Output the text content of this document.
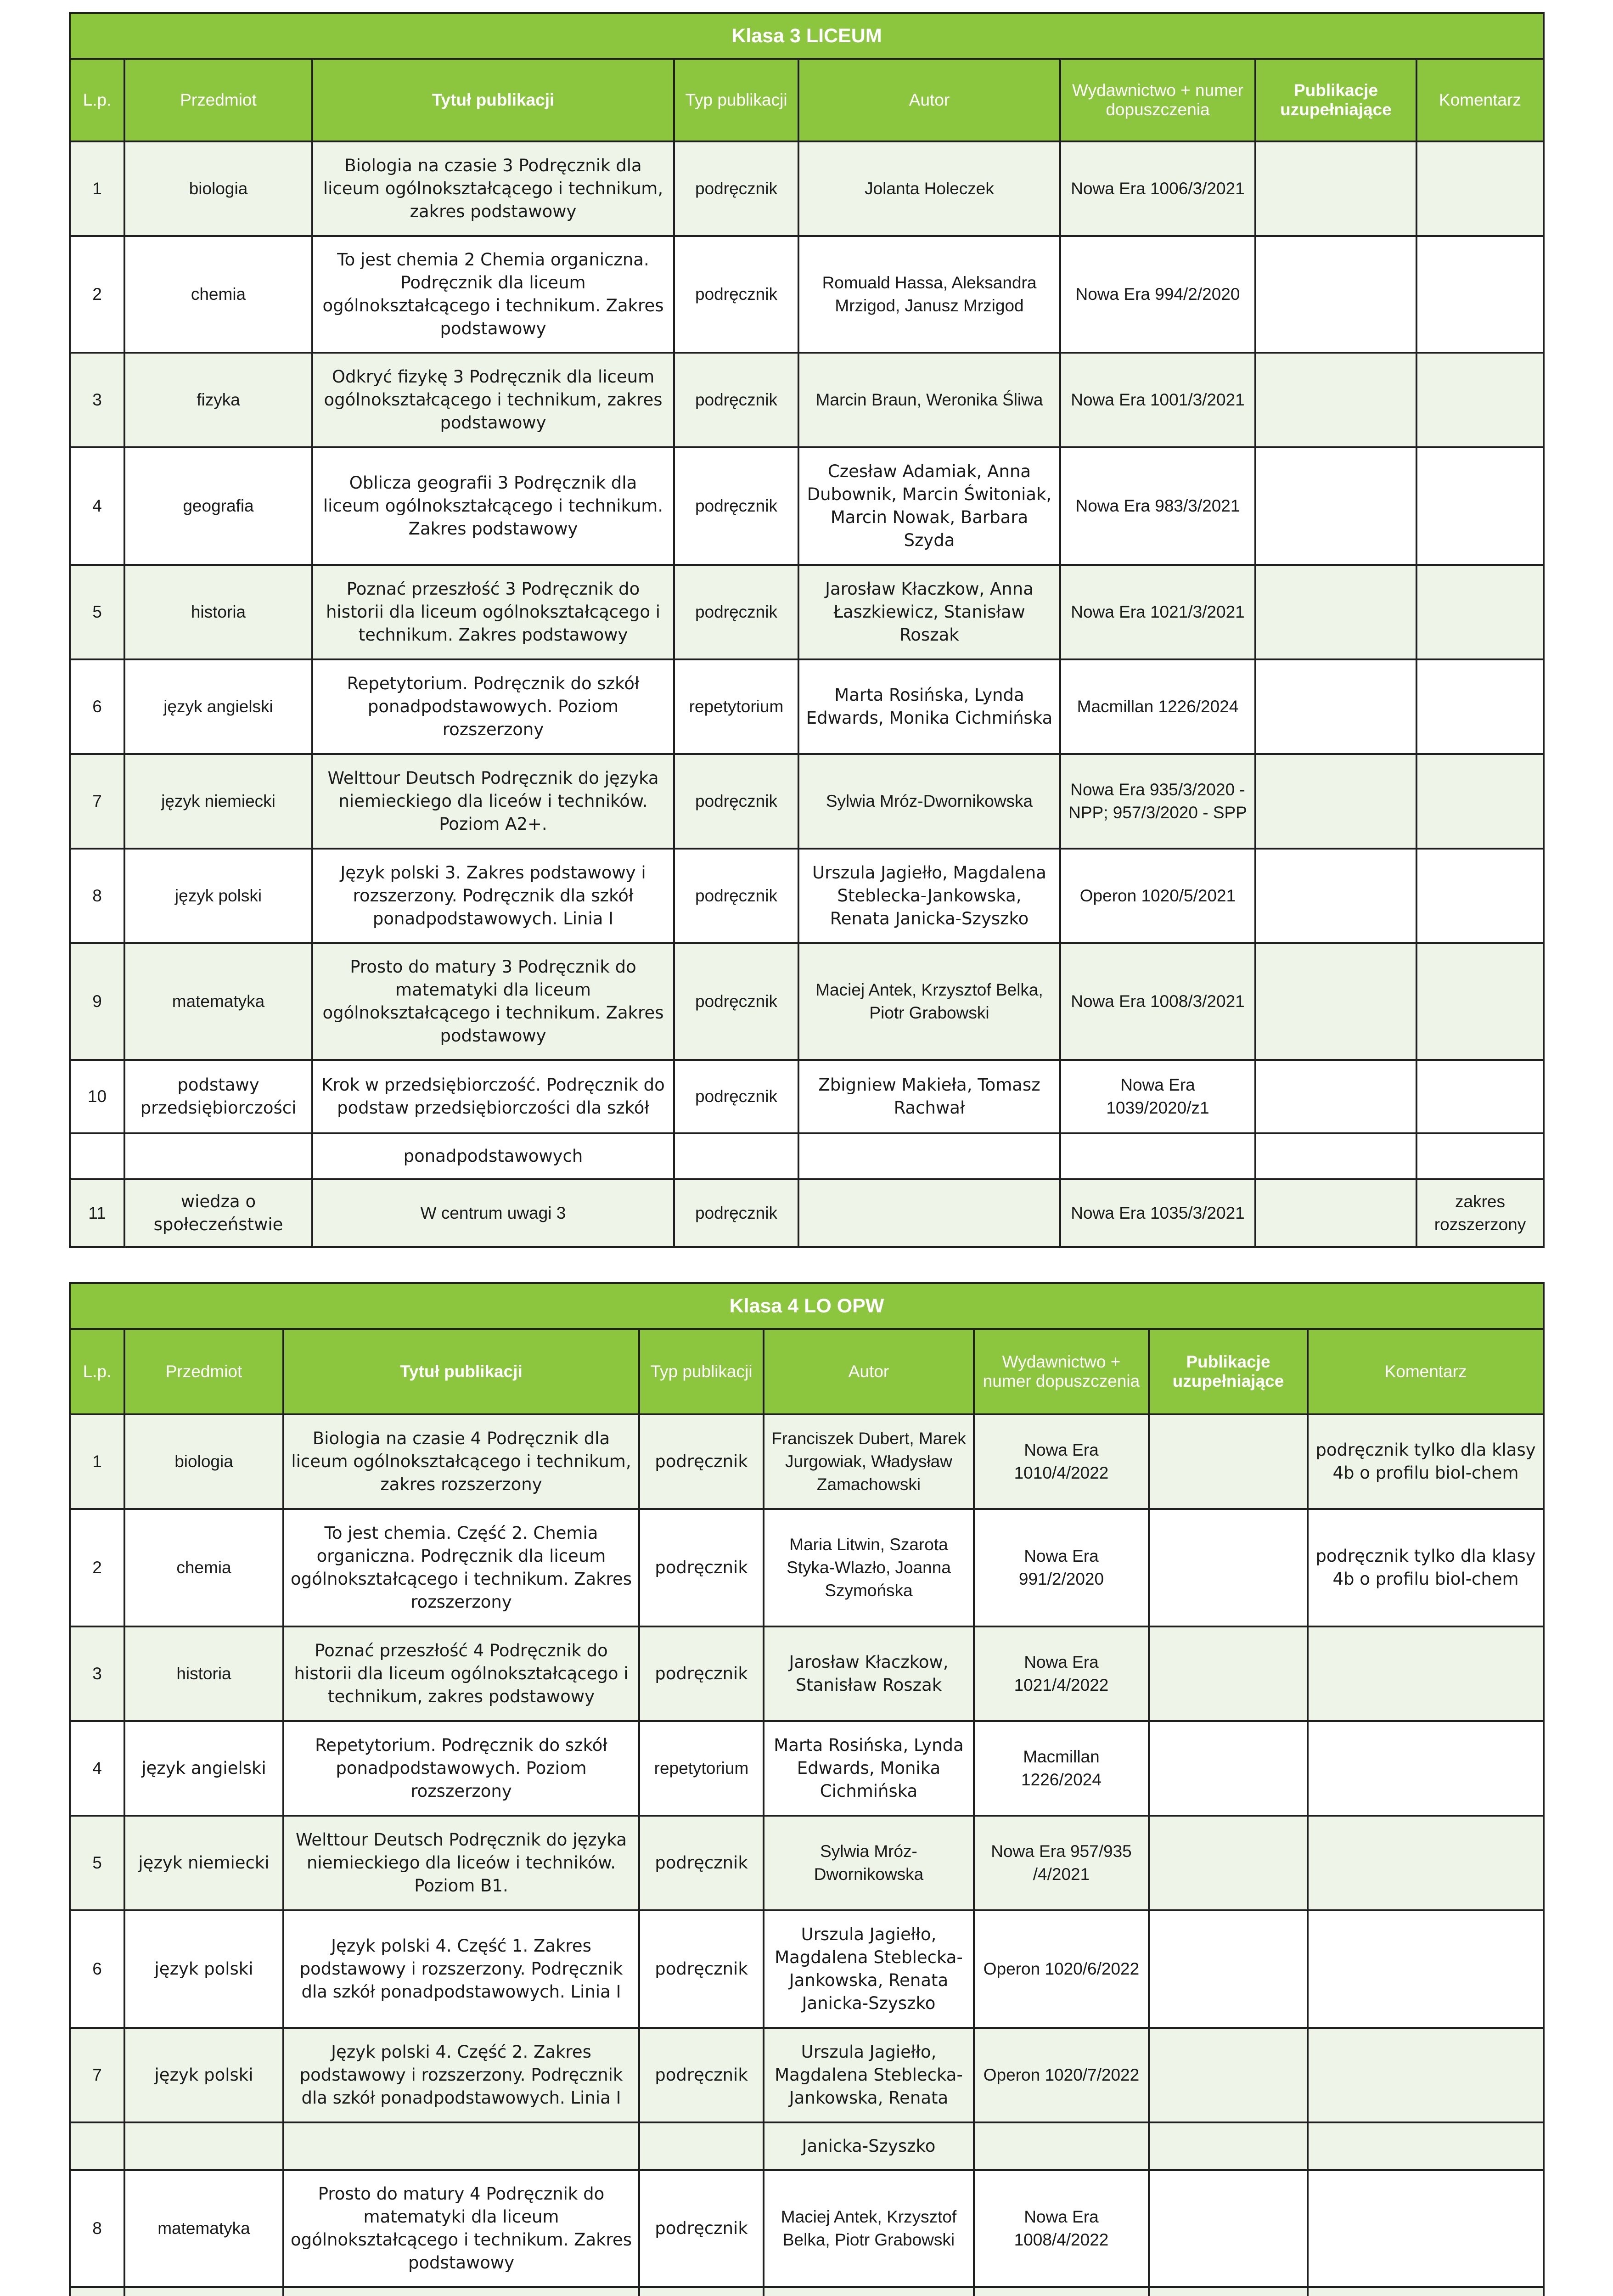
Klasa 3 LICEUM							
L.p.	Przedmiot	Tytuł publikacji	Typ publikacji	Autor	Wydawnictwo + numer dopuszczenia	Publikacje uzupełniające	Komentarz
1	biologia	Biologia na czasie 3 Podręcznik dla liceum ogólnokształcącego i technikum, zakres podstawowy	podręcznik	Jolanta Holeczek	Nowa Era 1006/3/2021		
2	chemia	To jest chemia 2 Chemia organiczna. Podręcznik dla liceum ogólnokształcącego i technikum. Zakres podstawowy	podręcznik	Romuald Hassa, Aleksandra Mrzigod, Janusz Mrzigod	Nowa Era 994/2/2020		
3	fizyka	Odkryć fizykę 3 Podręcznik dla liceum ogólnokształcącego i technikum, zakres podstawowy	podręcznik	Marcin Braun, Weronika Śliwa	Nowa Era 1001/3/2021		
4	geografia	Oblicza geografii 3 Podręcznik dla liceum ogólnokształcącego i technikum. Zakres podstawowy	podręcznik	Czesław Adamiak, Anna Dubownik, Marcin Świtoniak, Marcin Nowak, Barbara Szyda	Nowa Era 983/3/2021		
5	historia	Poznać przeszłość 3 Podręcznik do historii dla liceum ogólnokształcącego i technikum. Zakres podstawowy	podręcznik	Jarosław Kłaczkow, Anna Łaszkiewicz, Stanisław Roszak	Nowa Era 1021/3/2021		
6	język angielski	Repetytorium. Podręcznik do szkół ponadpodstawowych. Poziom rozszerzony	repetytorium	Marta Rosińska, Lynda Edwards, Monika Cichmińska	Macmillan 1226/2024		
7	język niemiecki	Welttour Deutsch Podręcznik do języka niemieckiego dla liceów i techników. Poziom A2+.	podręcznik	Sylwia Mróz-Dwornikowska	Nowa Era 935/3/2020 - NPP; 957/3/2020 - SPP		
8	język polski	Język polski 3. Zakres podstawowy i rozszerzony. Podręcznik dla szkół ponadpodstawowych. Linia I	podręcznik	Urszula Jagiełło, Magdalena Steblecka-Jankowska, Renata Janicka-Szyszko	Operon 1020/5/2021		
9	matematyka	Prosto do matury 3 Podręcznik do matematyki dla liceum ogólnokształcącego i technikum. Zakres podstawowy	podręcznik	Maciej Antek, Krzysztof Belka, Piotr Grabowski	Nowa Era 1008/3/2021		
10	podstawy przedsiębiorczości	Krok w przedsiębiorczość. Podręcznik do podstaw przedsiębiorczości dla szkół	podręcznik	Zbigniew Makieła, Tomasz Rachwał	Nowa Era 1039/2020/z1		
		ponadpodstawowych					
11	wiedza o społeczeństwie	W centrum uwagi 3	podręcznik		Nowa Era 1035/3/2021		zakres rozszerzony
Klasa 4 LO OPW							
L.p.	Przedmiot	Tytuł publikacji	Typ publikacji	Autor	Wydawnictwo + numer dopuszczenia	Publikacje uzupełniające	Komentarz
1	biologia	Biologia na czasie 4 Podręcznik dla liceum ogólnokształcącego i technikum, zakres rozszerzony	podręcznik	Franciszek Dubert, Marek Jurgowiak, Władysław Zamachowski	Nowa Era 1010/4/2022		podręcznik tylko dla klasy 4b o profilu biol-chem
2	chemia	To jest chemia. Część 2. Chemia organiczna. Podręcznik dla liceum ogólnokształcącego i technikum. Zakres rozszerzony	podręcznik	Maria Litwin, Szarota Styka-Wlazło, Joanna Szymońska	Nowa Era 991/2/2020		podręcznik tylko dla klasy 4b o profilu biol-chem
3	historia	Poznać przeszłość 4 Podręcznik do historii dla liceum ogólnokształcącego i technikum, zakres podstawowy	podręcznik	Jarosław Kłaczkow, Stanisław Roszak	Nowa Era 1021/4/2022		
4	język angielski	Repetytorium. Podręcznik do szkół ponadpodstawowych. Poziom rozszerzony	repetytorium	Marta Rosińska, Lynda Edwards, Monika Cichmińska	Macmillan 1226/2024		
5	język niemiecki	Welttour Deutsch Podręcznik do języka niemieckiego dla liceów i techników. Poziom B1.	podręcznik	Sylwia Mróz-Dwornikowska	Nowa Era 957/935 /4/2021		
6	język polski	Język polski 4. Część 1. Zakres podstawowy i rozszerzony. Podręcznik dla szkół ponadpodstawowych. Linia I	podręcznik	Urszula Jagiełło, Magdalena Steblecka-Jankowska, Renata Janicka-Szyszko	Operon 1020/6/2022		
7	język polski	Język polski 4. Część 2. Zakres podstawowy i rozszerzony. Podręcznik dla szkół ponadpodstawowych. Linia I	podręcznik	Urszula Jagiełło, Magdalena Steblecka-Jankowska, Renata	Operon 1020/7/2022		
				Janicka-Szyszko			
8	matematyka	Prosto do matury 4 Podręcznik do matematyki dla liceum ogólnokształcącego i technikum. Zakres podstawowy	podręcznik	Maciej Antek, Krzysztof Belka, Piotr Grabowski	Nowa Era 1008/4/2022		
